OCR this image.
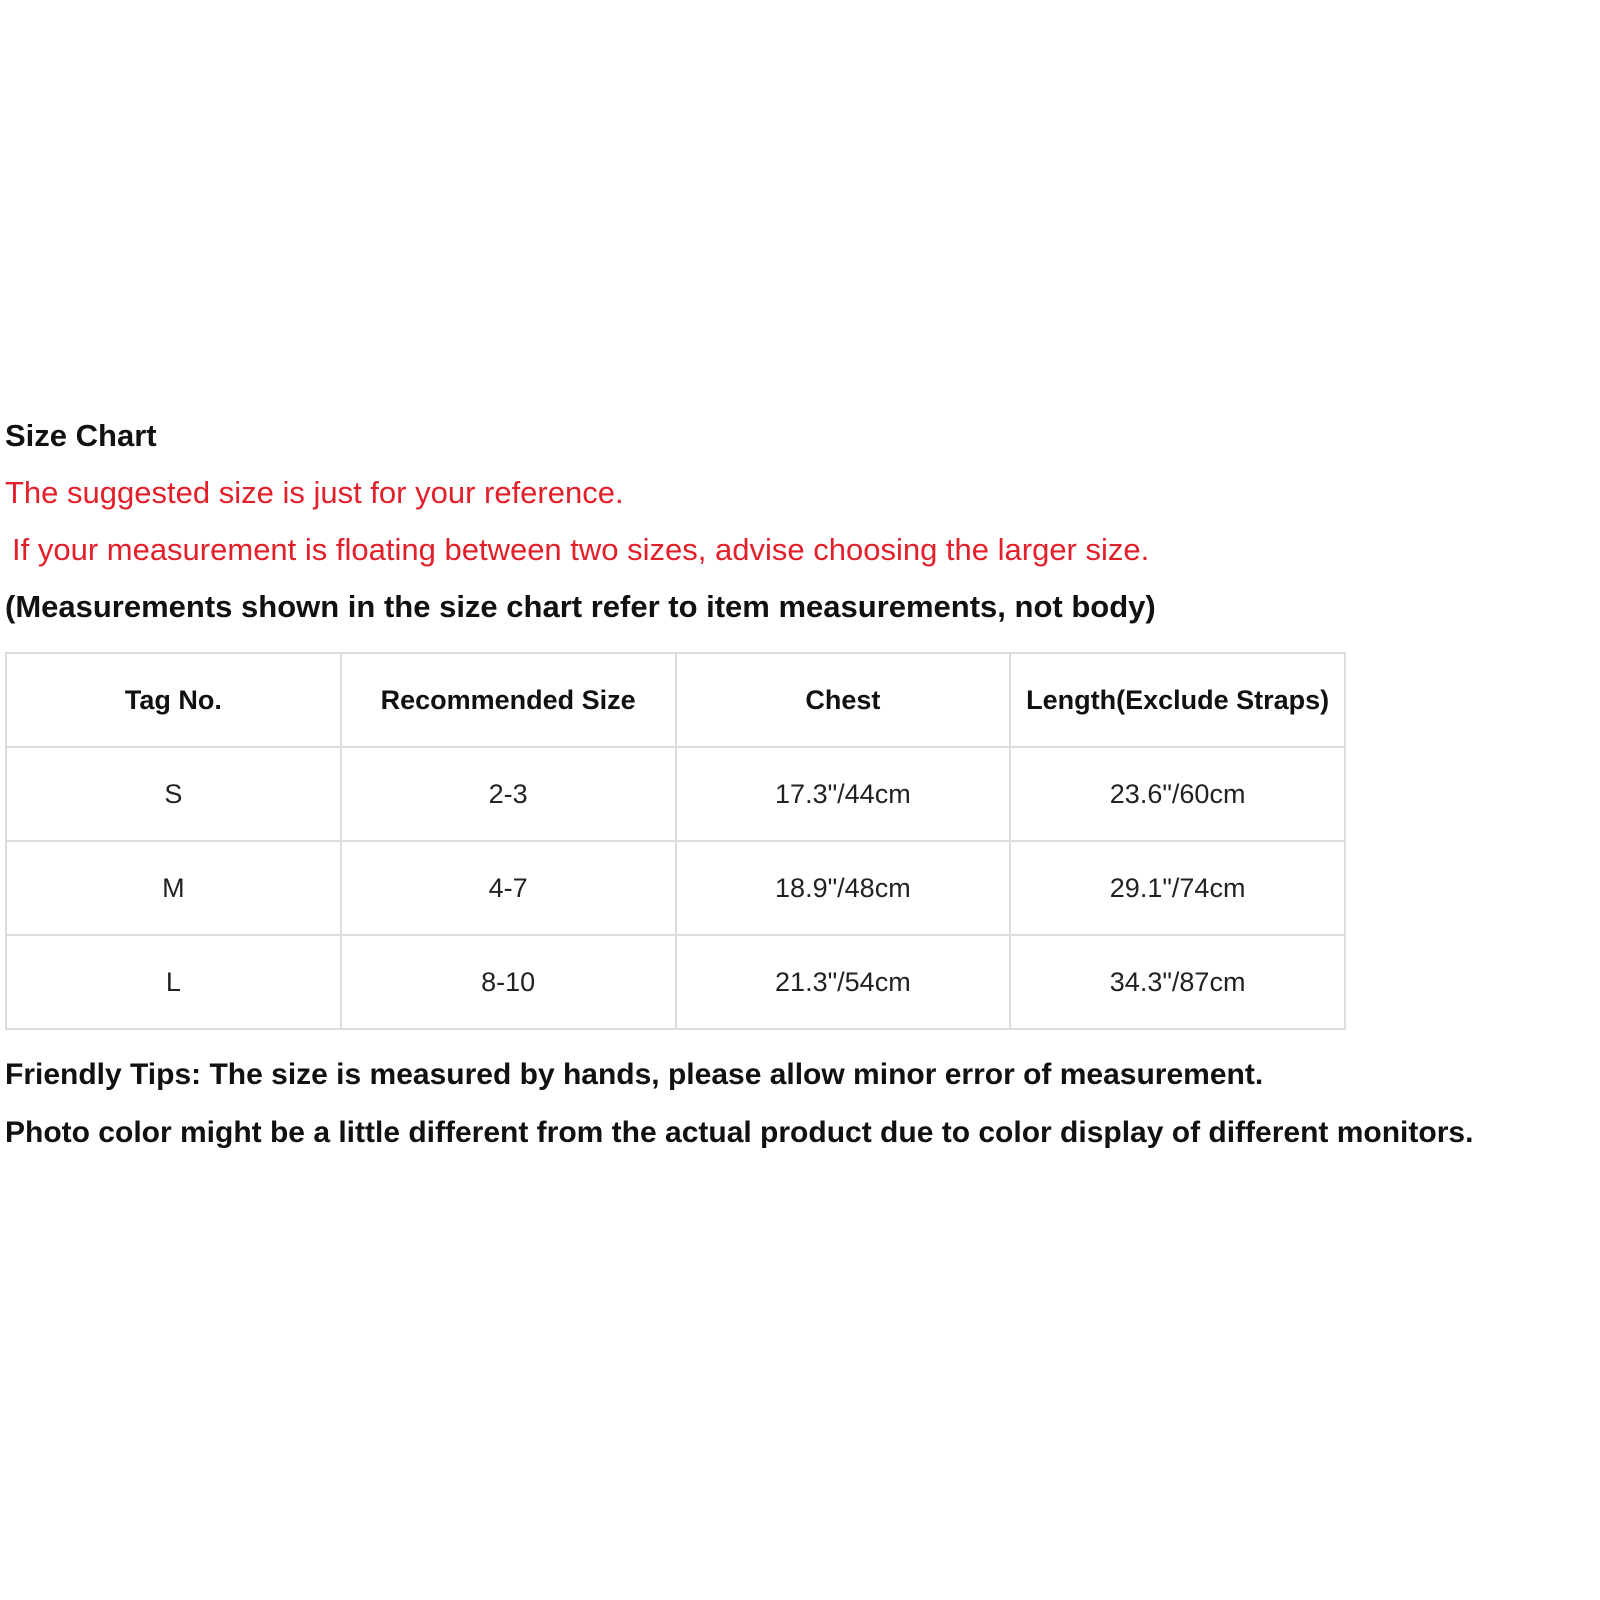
Size Chart
The suggested size is just for your reference.
If your measurement is floating between two sizes, advise choosing the larger size.
(Measurements shown in the size chart refer to item measurements, not body)
Tag No.	Recommended Size	Chest	Length(Exclude Straps)
S	2-3	17.3"/44cm	23.6"/60cm
M	4-7	18.9"/48cm	29.1"/74cm
L	8-10	21.3"/54cm	34.3"/87cm
Friendly Tips: The size is measured by hands, please allow minor error of measurement.
Photo color might be a little different from the actual product due to color display of different monitors.
